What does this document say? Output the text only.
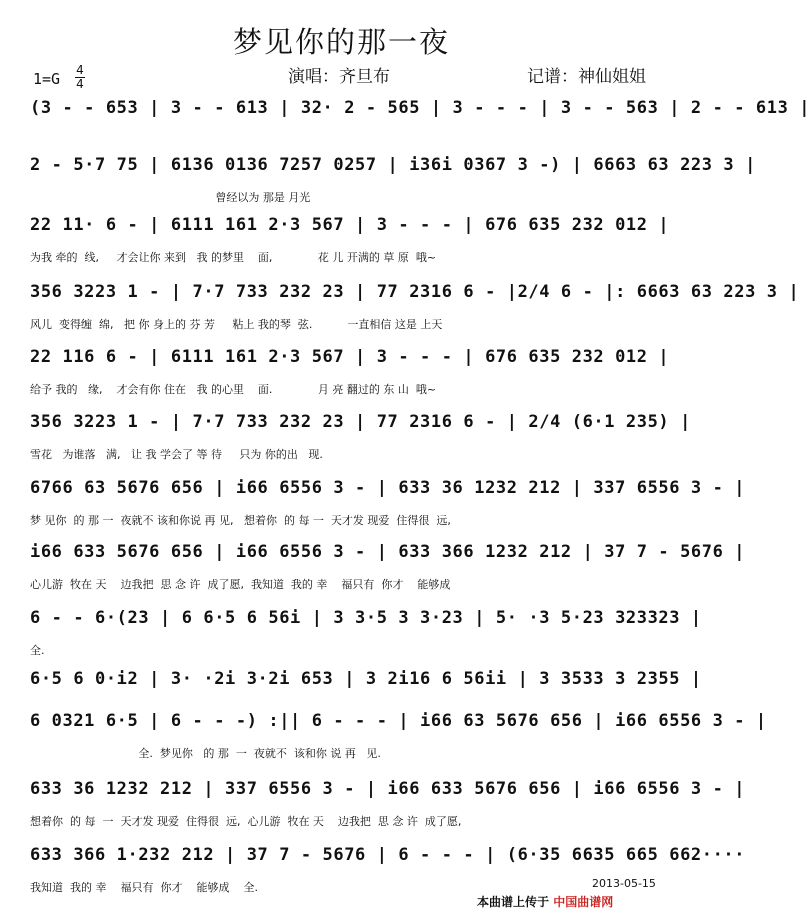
梦见你的那一夜
演唱：齐旦布	记谱：神仙姐姐
1=G 4
4
(3 - - 653 | 3 - - 613 | 32· 2 - 565 | 3 - - - | 3 - - 563 | 2 - - 613 |
2 - 5·7 75 | 6136 0136 7257 0257 | i36i 0367 3 -) | 6663 63 223 3 |
曾经以为 那是 月光
22 11· 6 - | 6111 161 2·3 567 | 3 - - - | 676 635 232 012 |
为我 牵的  线,     才会让你 来到   我 的梦里    面,             花 儿 开满的 草 原  哦~
356 3223 1 - | 7·7 733 232 23 | 77 2316 6 - |2/4 6 - |: 6663 63 223 3 |
风儿  变得缠  绵,   把 你 身上的 芬 芳     粘上 我的琴  弦.          一直相信 这是 上天
22 116 6 - | 6111 161 2·3 567 | 3 - - - | 676 635 232 012 |
给予 我的   缘,    才会有你 住在   我 的心里    面.             月 亮 翻过的 东 山  哦~
356 3223 1 - | 7·7 733 232 23 | 77 2316 6 - | 2/4 (6·1 235) |
雪花   为谁落   满,   让 我 学会了 等 待     只为 你的出   现.
6766 63 5676 656 | i66 6556 3 - | 633 36 1232 212 | 337 6556 3 - |
梦 见你  的 那 一  夜就不 该和你说 再 见,   想着你  的 每 一  天才发 现爱  住得很  远,
i66 633 5676 656 | i66 6556 3 - | 633 366 1232 212 | 37 7 - 5676 |
心儿游  牧在 天    边我把  思 念 许  成了愿,  我知道  我的 幸    福只有  你才    能够成
6 - - 6·(23 | 6 6·5 6 56i | 3 3·5 3 3·23 | 5· ·3 5·23 323323 |
全.
6·5 6 0·i2 | 3· ·2i 3·2i 653 | 3 2i16 6 56ii | 3 3533 3 2355 |
6 0321 6·5 | 6 - - -) :|| 6 - - - | i66 63 5676 656 | i66 6556 3 - |
全.  梦见你   的 那  一  夜就不  该和你 说 再   见.
633 36 1232 212 | 337 6556 3 - | i66 633 5676 656 | i66 6556 3 - |
想着你  的 每  一  天才发 现爱  住得很  远,  心儿游  牧在 天    边我把  思 念 许  成了愿,
633 366 1·232 212 | 37 7 - 5676 | 6 - - - | (6·35 6635 665 662····
我知道  我的 幸    福只有  你才    能够成    全.	2013-05-15
本曲谱上传于 中国曲谱网
